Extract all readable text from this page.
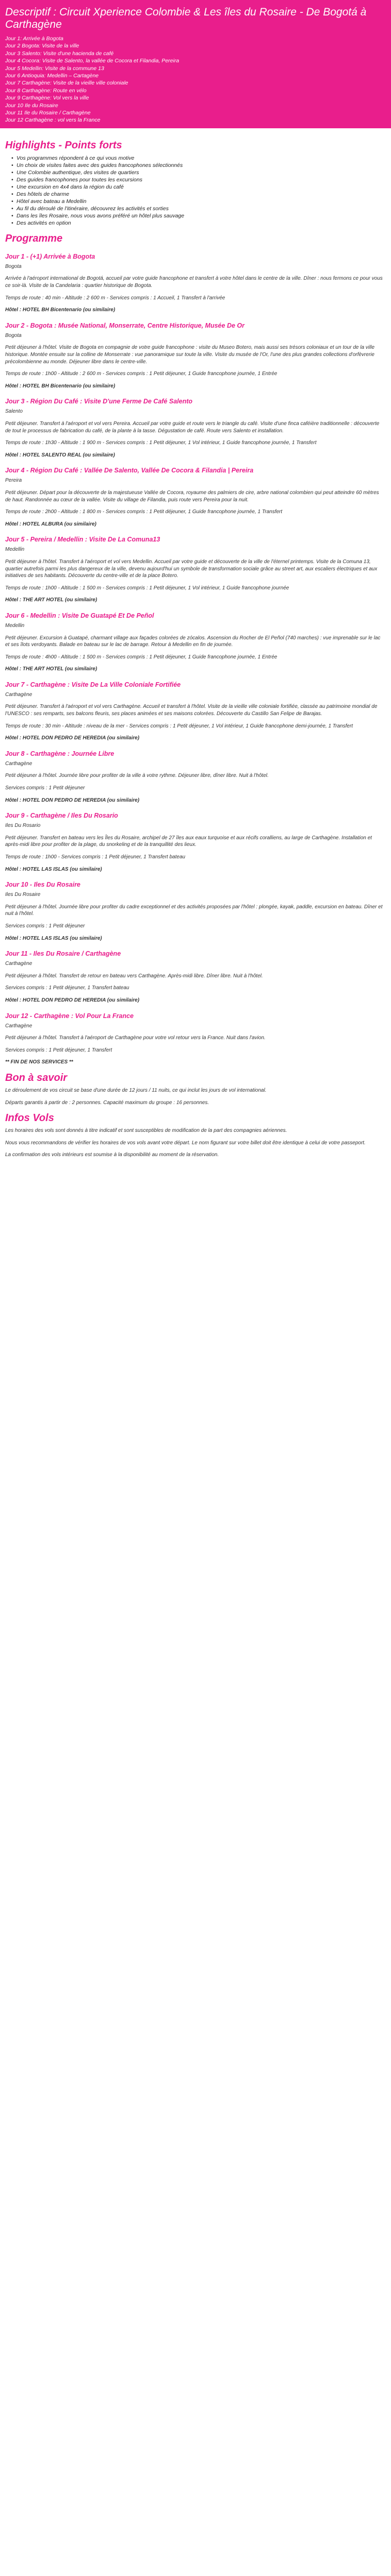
Descriptif : Circuit Xperience Colombie & Les îles du Rosaire - De Bogotá à Carthagène
Jour 1: Arrivée à Bogota
Jour 2 Bogota: Visite de la ville
Jour 3 Salento: Visite d'une hacienda de café
Jour 4 Cocora: Visite de Salento, la vallée de Cocora et Filandia, Pereira
Jour 5 Medellin: Visite de la commune 13
Jour 6 Antioquia: Medellin – Cartagène
Jour 7 Carthagène: Visite de la vieille ville coloniale
Jour 8 Carthagène: Route en vélo
Jour 9 Carthagène: Vol vers la ville
Jour 10 Ile du Rosaire
Jour 11 Ile du Rosaire / Carthagène
Jour 12 Carthagène : vol vers la France
Highlights - Points forts
• Vos programmes répondent à ce qui vous motive
• Un choix de visites faites avec des guides francophones sélectionnés
• Une Colombie authentique, des visites de quartiers
• Des guides francophones pour toutes les excursions
• Une excursion en 4x4 dans la région du café
• Des hôtels de charme
• Hôtel avec bateau a Medellin
• Au fil du déroulé de l'itinéraire, découvrez les activités et sorties
• Dans les îles Rosaire, nous vous avons préféré un hôtel plus sauvage
• Des activités en option
Programme
Jour 1 - (+1) Arrivée à Bogota

Bogota

Arrivée à l'aéroport international de Bogotá, accueil par votre guide francophone et transfert à votre hôtel dans le centre de la ville. Dîner : nous fermons ce pour vous ce soir-là. Visite de la Candelaria : quartier historique de Bogota.

Temps de route : 40 min - Altitude : 2 600 m - Services compris : 1 Accueil, 1 Transfert à l'arrivée

Hôtel : HOTEL BH Bicentenario (ou similaire)

Jour 2 - Bogota : Musée National, Monserrate, Centre Historique, Musée De Or

Bogota

Petit déjeuner à l'hôtel. Visite de Bogota en compagnie de votre guide francophone : visite du Museo Botero, mais aussi ses trésors coloniaux et un tour de la ville historique. Montée ensuite sur la colline de Monserrate : vue panoramique sur toute la ville. Visite du musée de l'Or, l'une des plus grandes collections d'orfèvrerie précolombienne au monde. Déjeuner libre dans le centre-ville.

Temps de route : 1h00 - Altitude : 2 600 m - Services compris : 1 Petit déjeuner, 1 Guide francophone journée, 1 Entrée

Hôtel : HOTEL BH Bicentenario (ou similaire)

Jour 3 - Région Du Café : Visite D'une Ferme De Café Salento

Salento

Petit déjeuner. Transfert à l'aéroport et vol vers Pereira. Accueil par votre guide et route vers le triangle du café. Visite d'une finca caféière traditionnelle : découverte de tout le processus de fabrication du café, de la plante à la tasse. Dégustation de café. Route vers Salento et installation.

Temps de route : 1h30 - Altitude : 1 900 m - Services compris : 1 Petit déjeuner, 1 Vol intérieur, 1 Guide francophone journée, 1 Transfert

Hôtel : HOTEL SALENTO REAL (ou similaire)

Jour 4 - Région Du Café : Vallée De Salento, Vallée De Cocora & Filandia | Pereira

Pereira

Petit déjeuner. Départ pour la découverte de la majestueuse Vallée de Cocora, royaume des palmiers de cire, arbre national colombien qui peut atteindre 60 mètres de haut. Randonnée au cœur de la vallée. Visite du village de Filandia, puis route vers Pereira pour la nuit.

Temps de route : 2h00 - Altitude : 1 800 m - Services compris : 1 Petit déjeuner, 1 Guide francophone journée, 1 Transfert

Hôtel : HOTEL ALBURA (ou similaire)

Jour 5 - Pereira / Medellin : Visite De La Comuna13

Medellin

Petit déjeuner à l'hôtel. Transfert à l'aéroport et vol vers Medellin. Accueil par votre guide et découverte de la ville de l'éternel printemps. Visite de la Comuna 13, quartier autrefois parmi les plus dangereux de la ville, devenu aujourd'hui un symbole de transformation sociale grâce au street art, aux escaliers électriques et aux initiatives de ses habitants. Découverte du centre-ville et de la place Botero.

Temps de route : 1h00 - Altitude : 1 500 m - Services compris : 1 Petit déjeuner, 1 Vol intérieur, 1 Guide francophone journée

Hôtel : THE ART HOTEL (ou similaire)

Jour 6 - Medellin : Visite De Guatapé Et De Peñol

Medellin

Petit déjeuner. Excursion à Guatapé, charmant village aux façades colorées de zócalos. Ascension du Rocher de El Peñol (740 marches) : vue imprenable sur le lac et ses îlots verdoyants. Balade en bateau sur le lac de barrage. Retour à Medellin en fin de journée.

Temps de route : 4h00 - Altitude : 1 500 m - Services compris : 1 Petit déjeuner, 1 Guide francophone journée, 1 Entrée

Hôtel : THE ART HOTEL (ou similaire)

Jour 7 - Carthagène : Visite De La Ville Coloniale Fortifiée

Carthagène

Petit déjeuner. Transfert à l'aéroport et vol vers Carthagène. Accueil et transfert à l'hôtel. Visite de la vieille ville coloniale fortifiée, classée au patrimoine mondial de l'UNESCO : ses remparts, ses balcons fleuris, ses places animées et ses maisons colorées. Découverte du Castillo San Felipe de Barajas.

Temps de route : 30 min - Altitude : niveau de la mer - Services compris : 1 Petit déjeuner, 1 Vol intérieur, 1 Guide francophone demi-journée, 1 Transfert

Hôtel : HOTEL DON PEDRO DE HEREDIA (ou similaire)

Jour 8 - Carthagène : Journée Libre

Carthagène

Petit déjeuner à l'hôtel. Journée libre pour profiter de la ville à votre rythme. Déjeuner libre, dîner libre. Nuit à l'hôtel.

Services compris : 1 Petit déjeuner

Hôtel : HOTEL DON PEDRO DE HEREDIA (ou similaire)

Jour 9 - Carthagène / Iles Du Rosario

Iles Du Rosario

Petit déjeuner. Transfert en bateau vers les Îles du Rosaire, archipel de 27 îles aux eaux turquoise et aux récifs coralliens, au large de Carthagène. Installation et après-midi libre pour profiter de la plage, du snorkeling et de la tranquillité des lieux.

Temps de route : 1h00 - Services compris : 1 Petit déjeuner, 1 Transfert bateau

Hôtel : HOTEL LAS ISLAS (ou similaire)

Jour 10 - Iles Du Rosaire

Iles Du Rosaire

Petit déjeuner à l'hôtel. Journée libre pour profiter du cadre exceptionnel et des activités proposées par l'hôtel : plongée, kayak, paddle, excursion en bateau. Dîner et nuit à l'hôtel.

Services compris : 1 Petit déjeuner

Hôtel : HOTEL LAS ISLAS (ou similaire)

Jour 11 - Iles Du Rosaire / Carthagène

Carthagène

Petit déjeuner à l'hôtel. Transfert de retour en bateau vers Carthagène. Après-midi libre. Dîner libre. Nuit à l'hôtel.

Services compris : 1 Petit déjeuner, 1 Transfert bateau

Hôtel : HOTEL DON PEDRO DE HEREDIA (ou similaire)

Jour 12 - Carthagène : Vol Pour La France

Carthagène

Petit déjeuner à l'hôtel. Transfert à l'aéroport de Carthagène pour votre vol retour vers la France. Nuit dans l'avion.

Services compris : 1 Petit déjeuner, 1 Transfert

** FIN DE NOS SERVICES **

Bon à savoir

Le déroulement de vos circuit se base d'une durée de 12 jours / 11 nuits, ce qui inclut les jours de vol international.

Départs garantis à partir de : 2 personnes. Capacité maximum du groupe : 16 personnes.

Infos Vols

Les horaires des vols sont donnés à titre indicatif et sont susceptibles de modification de la part des compagnies aériennes.

Nous vous recommandons de vérifier les horaires de vos vols avant votre départ. Le nom figurant sur votre billet doit être identique à celui de votre passeport.

La confirmation des vols intérieurs est soumise à la disponibilité au moment de la réservation.
